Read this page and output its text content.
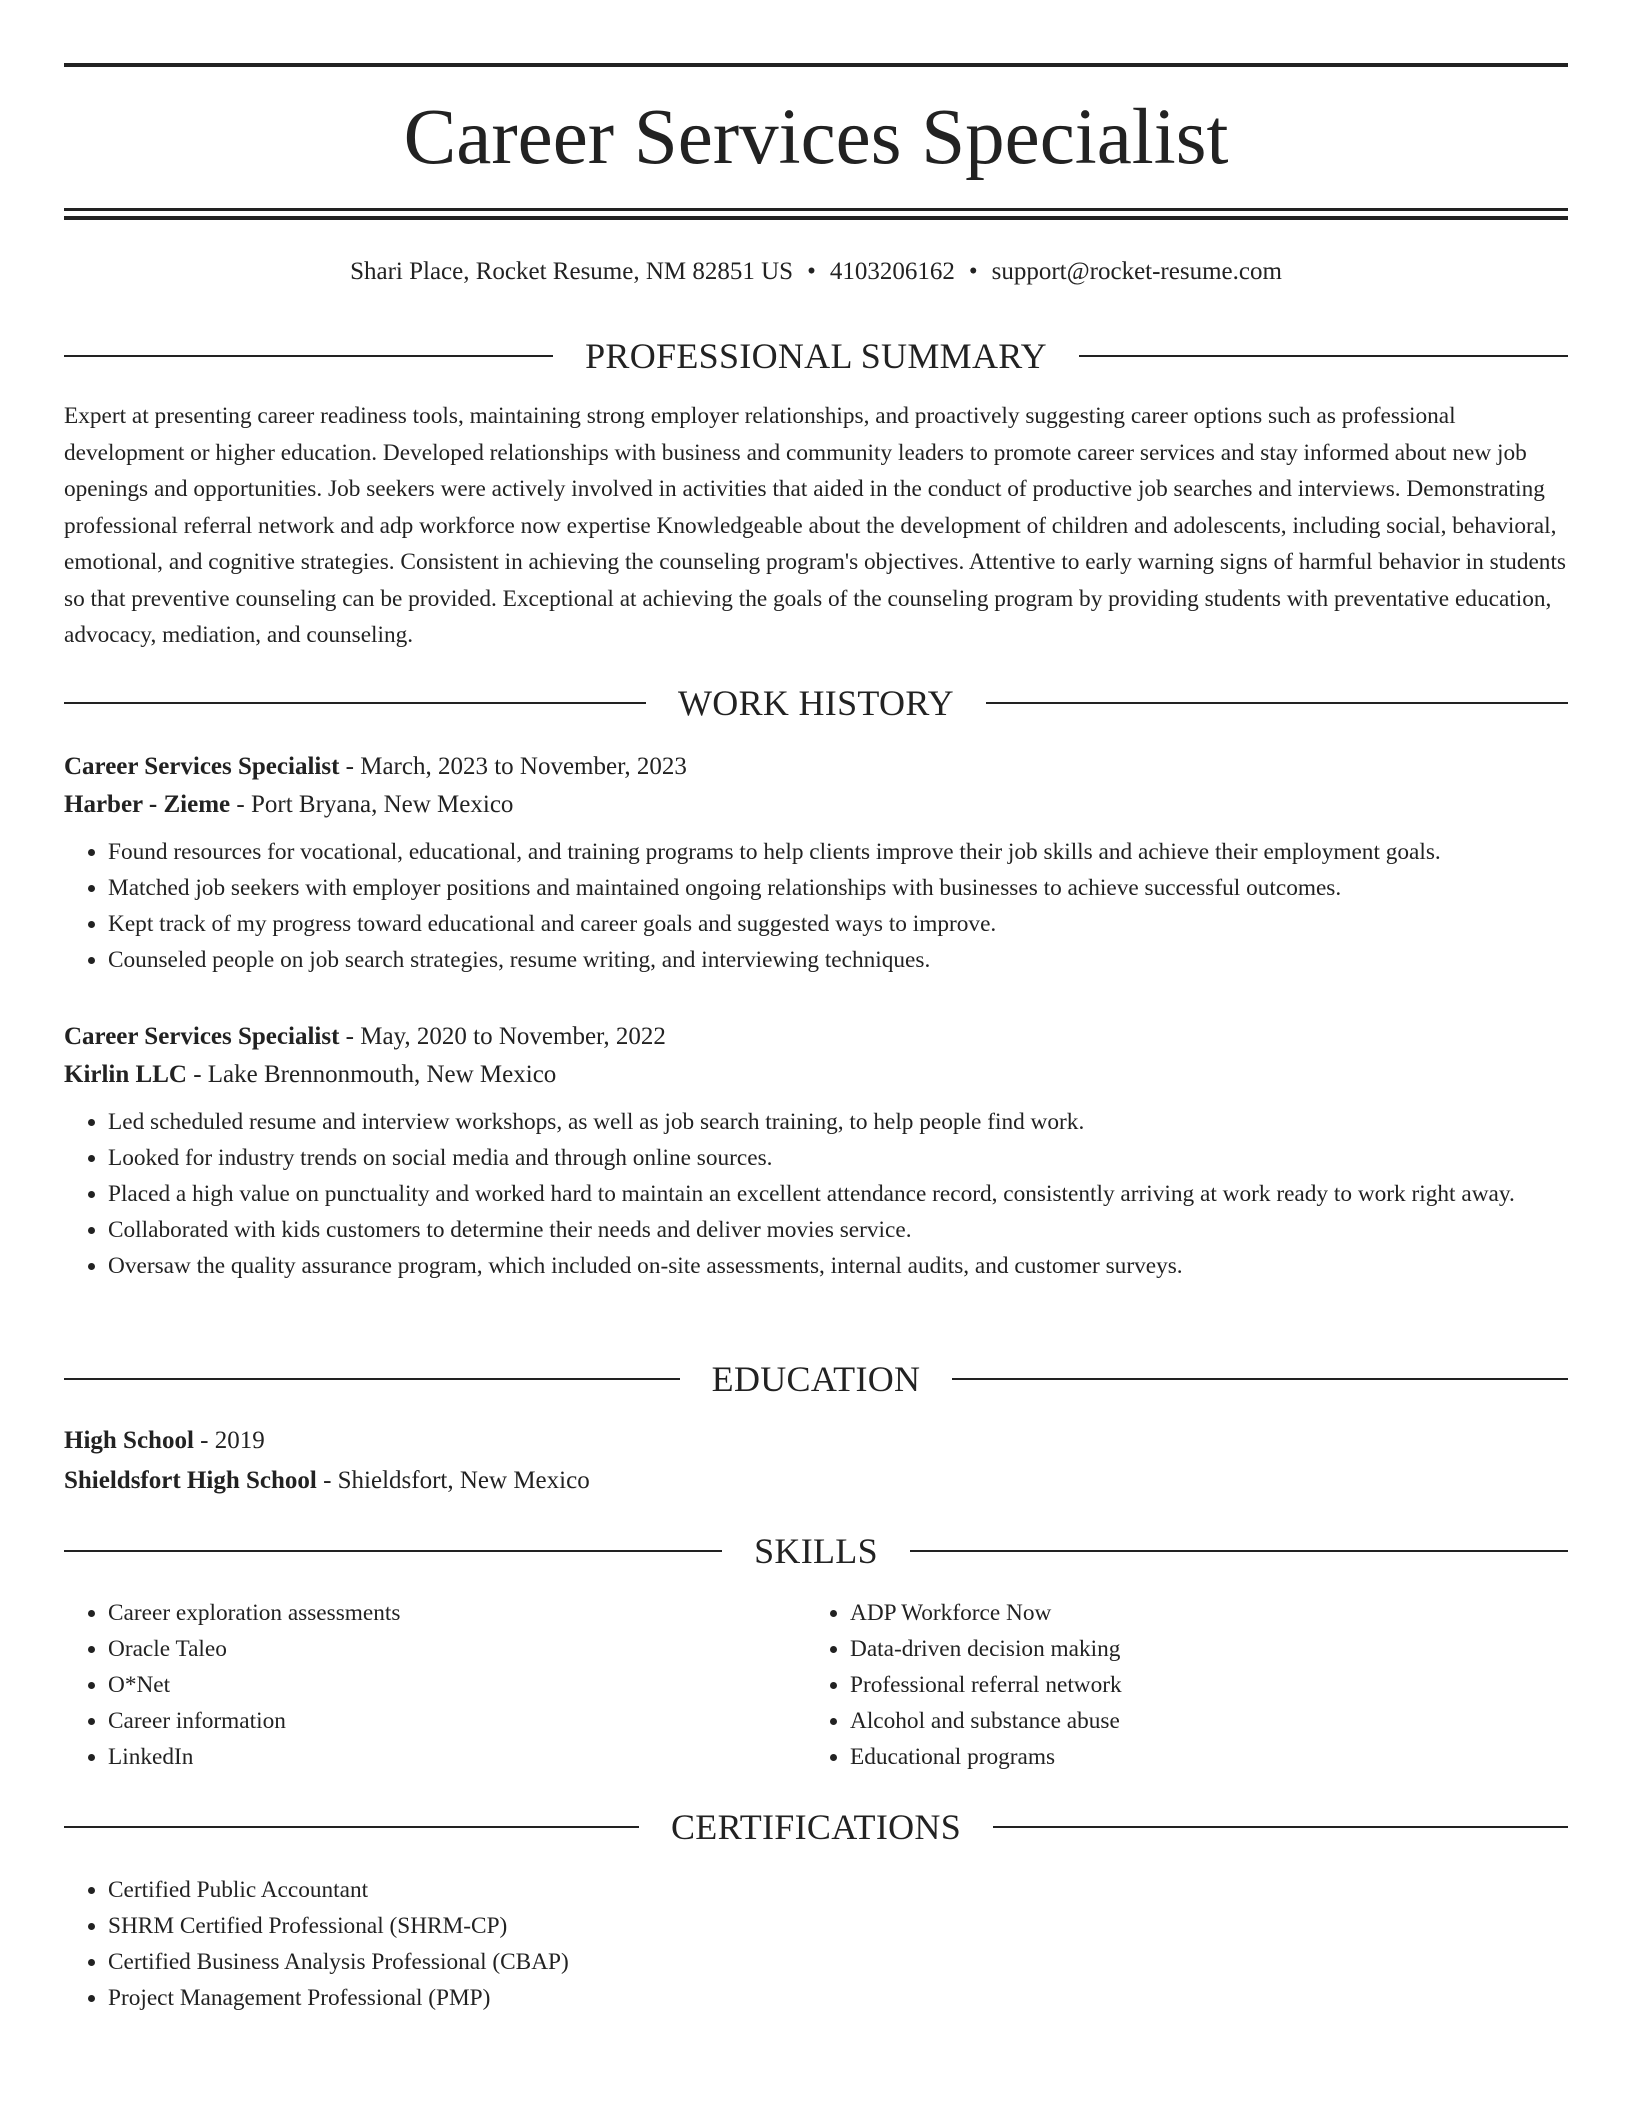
Career Services Specialist
Shari Place, Rocket Resume, NM 82851 US • 4103206162 • support@rocket-resume.com
PROFESSIONAL SUMMARY

Expert at presenting career readiness tools, maintaining strong employer relationships, and proactively suggesting career options such as professional development or higher education. Developed relationships with business and community leaders to promote career services and stay informed about new job openings and opportunities. Job seekers were actively involved in activities that aided in the conduct of productive job searches and interviews. Demonstrating professional referral network and adp workforce now expertise Knowledgeable about the development of children and adolescents, including social, behavioral, emotional, and cognitive strategies. Consistent in achieving the counseling program's objectives. Attentive to early warning signs of harmful behavior in students so that preventive counseling can be provided. Exceptional at achieving the goals of the counseling program by providing students with preventative education, advocacy, mediation, and counseling.

WORK HISTORY
Career Services Specialist - March, 2023 to November, 2023
Harber - Zieme - Port Bryana, New Mexico
• Found resources for vocational, educational, and training programs to help clients improve their job skills and achieve their employment goals.
• Matched job seekers with employer positions and maintained ongoing relationships with businesses to achieve successful outcomes.
• Kept track of my progress toward educational and career goals and suggested ways to improve.
• Counseled people on job search strategies, resume writing, and interviewing techniques.
Career Services Specialist - May, 2020 to November, 2022
Kirlin LLC - Lake Brennonmouth, New Mexico
• Led scheduled resume and interview workshops, as well as job search training, to help people find work.
• Looked for industry trends on social media and through online sources.
• Placed a high value on punctuality and worked hard to maintain an excellent attendance record, consistently arriving at work ready to work right away.
• Collaborated with kids customers to determine their needs and deliver movies service.
• Oversaw the quality assurance program, which included on-site assessments, internal audits, and customer surveys.
EDUCATION
High School - 2019
Shieldsfort High School - Shieldsfort, New Mexico
SKILLS
• Career exploration assessments
• Oracle Taleo
• O*Net
• Career information
• LinkedIn
• ADP Workforce Now
• Data-driven decision making
• Professional referral network
• Alcohol and substance abuse
• Educational programs
CERTIFICATIONS
• Certified Public Accountant
• SHRM Certified Professional (SHRM-CP)
• Certified Business Analysis Professional (CBAP)
• Project Management Professional (PMP)
